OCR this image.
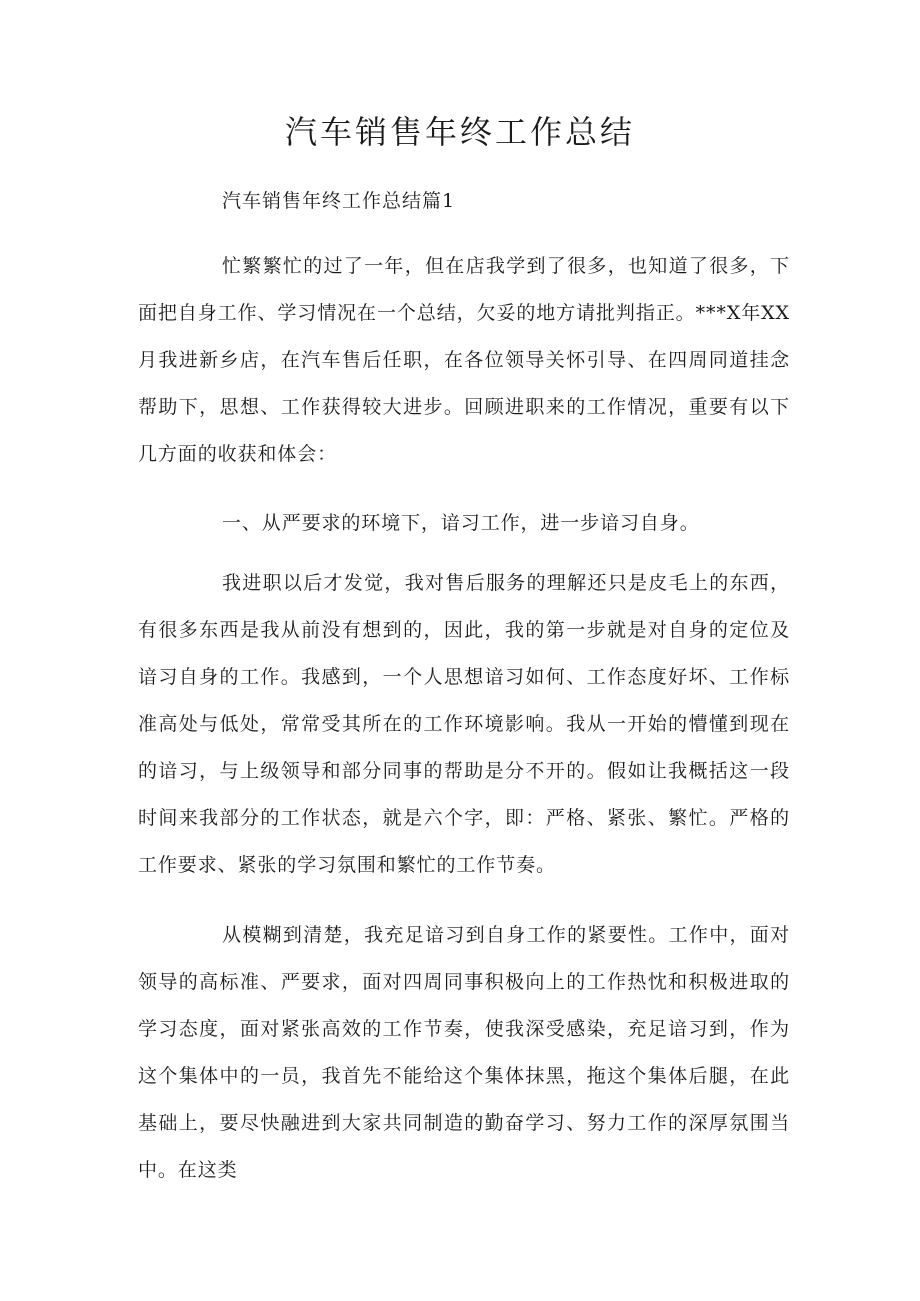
汽车销售年终工作总结

汽车销售年终工作总结篇1

忙繁繁忙的过了一年，但在店我学到了很多，也知道了很多，下面把自身工作、学习情况在一个总结，欠妥的地方请批判指正。***X年XX月我进新乡店，在汽车售后任职，在各位领导关怀引导、在四周同道挂念帮助下，思想、工作获得较大进步。回顾进职来的工作情况，重要有以下几方面的收获和体会：

一、从严要求的环境下，谙习工作，进一步谙习自身。

我进职以后才发觉，我对售后服务的理解还只是皮毛上的东西，有很多东西是我从前没有想到的，因此，我的第一步就是对自身的定位及谙习自身的工作。我感到，一个人思想谙习如何、工作态度好坏、工作标准高处与低处，常常受其所在的工作环境影响。我从一开始的懵懂到现在的谙习，与上级领导和部分同事的帮助是分不开的。假如让我概括这一段时间来我部分的工作状态，就是六个字，即：严格、紧张、繁忙。严格的工作要求、紧张的学习氛围和繁忙的工作节奏。

从模糊到清楚，我充足谙习到自身工作的紧要性。工作中，面对领导的高标准、严要求，面对四周同事积极向上的工作热忱和积极进取的学习态度，面对紧张高效的工作节奏，使我深受感染，充足谙习到，作为这个集体中的一员，我首先不能给这个集体抹黑，拖这个集体后腿，在此基础上，要尽快融进到大家共同制造的勤奋学习、努力工作的深厚氛围当中。在这类
